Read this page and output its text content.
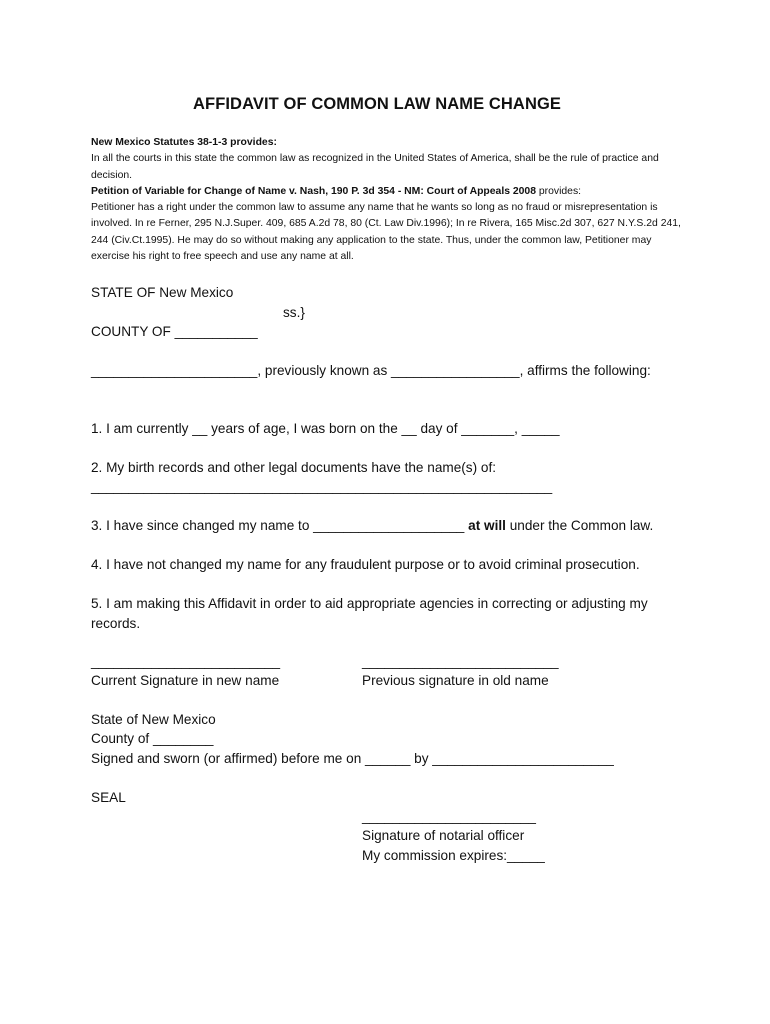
AFFIDAVIT OF COMMON LAW NAME CHANGE
New Mexico Statutes 38-1-3 provides:
In all the courts in this state the common law as recognized in the United States of America, shall be the rule of practice and decision.
Petition of Variable for Change of Name v. Nash, 190 P. 3d 354 - NM: Court of Appeals 2008 provides:
Petitioner has a right under the common law to assume any name that he wants so long as no fraud or misrepresentation is involved. In re Ferner, 295 N.J.Super. 409, 685 A.2d 78, 80 (Ct. Law Div.1996); In re Rivera, 165 Misc.2d 307, 627 N.Y.S.2d 241, 244 (Civ.Ct.1995). He may do so without making any application to the state. Thus, under the common law, Petitioner may exercise his right to free speech and use any name at all.
STATE OF New Mexico
ss.}
COUNTY OF ___________
______________________, previously known as _________________, affirms the following:
1. I am currently __ years of age, I was born on the __ day of _______, _____
2. My birth records and other legal documents have the name(s) of:
_____________________________________________________________
3. I have since changed my name to ____________________ at will under the Common law.
4. I have not changed my name for any fraudulent purpose or to avoid criminal prosecution.
5. I am making this Affidavit in order to aid appropriate agencies in correcting or adjusting my records.
_________________________
Current Signature in new name
__________________________
Previous signature in old name
State of New Mexico
County of ________
Signed and sworn (or affirmed) before me on ______ by ________________________
SEAL
_______________________
Signature of notarial officer
My commission expires:_____
